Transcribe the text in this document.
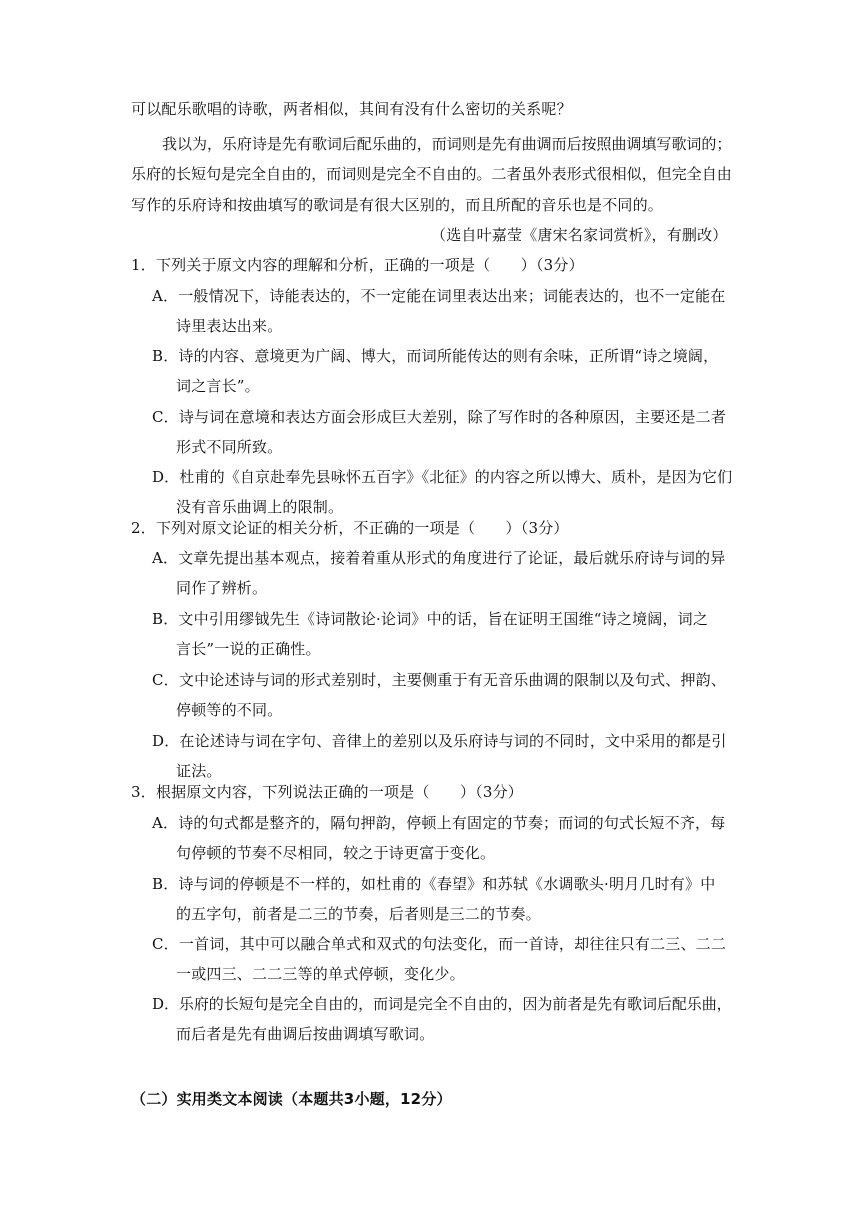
可以配乐歌唱的诗歌，两者相似，其间有没有什么密切的关系呢？
我以为，乐府诗是先有歌词后配乐曲的，而词则是先有曲调而后按照曲调填写歌词的；
乐府的长短句是完全自由的，而词则是完全不自由的。二者虽外表形式很相似，但完全自由
写作的乐府诗和按曲填写的歌词是有很大区别的，而且所配的音乐也是不同的。
（选自叶嘉莹《唐宋名家词赏析》，有删改）
1．下列关于原文内容的理解和分析，正确的一项是（　　）（3分）
A．一般情况下，诗能表达的，不一定能在词里表达出来；词能表达的，也不一定能在
诗里表达出来。
B．诗的内容、意境更为广阔、博大，而词所能传达的则有余味，正所谓“诗之境阔，
词之言长”。
C．诗与词在意境和表达方面会形成巨大差别，除了写作时的各种原因，主要还是二者
形式不同所致。
D．杜甫的《自京赴奉先县咏怀五百字》《北征》的内容之所以博大、质朴，是因为它们
没有音乐曲调上的限制。
2．下列对原文论证的相关分析，不正确的一项是（　　）（3分）
A．文章先提出基本观点，接着着重从形式的角度进行了论证，最后就乐府诗与词的异
同作了辨析。
B．文中引用缪钺先生《诗词散论·论词》中的话，旨在证明王国维“诗之境阔，词之
言长”一说的正确性。
C．文中论述诗与词的形式差别时，主要侧重于有无音乐曲调的限制以及句式、押韵、
停顿等的不同。
D．在论述诗与词在字句、音律上的差别以及乐府诗与词的不同时，文中采用的都是引
证法。
3．根据原文内容，下列说法正确的一项是（　　）（3分）
A．诗的句式都是整齐的，隔句押韵，停顿上有固定的节奏；而词的句式长短不齐，每
句停顿的节奏不尽相同，较之于诗更富于变化。
B．诗与词的停顿是不一样的，如杜甫的《春望》和苏轼《水调歌头·明月几时有》中
的五字句，前者是二三的节奏，后者则是三二的节奏。
C．一首词，其中可以融合单式和双式的句法变化，而一首诗，却往往只有二三、二二
一或四三、二二三等的单式停顿，变化少。
D．乐府的长短句是完全自由的，而词是完全不自由的，因为前者是先有歌词后配乐曲，
而后者是先有曲调后按曲调填写歌词。
（二）实用类文本阅读（本题共3小题，12分）
